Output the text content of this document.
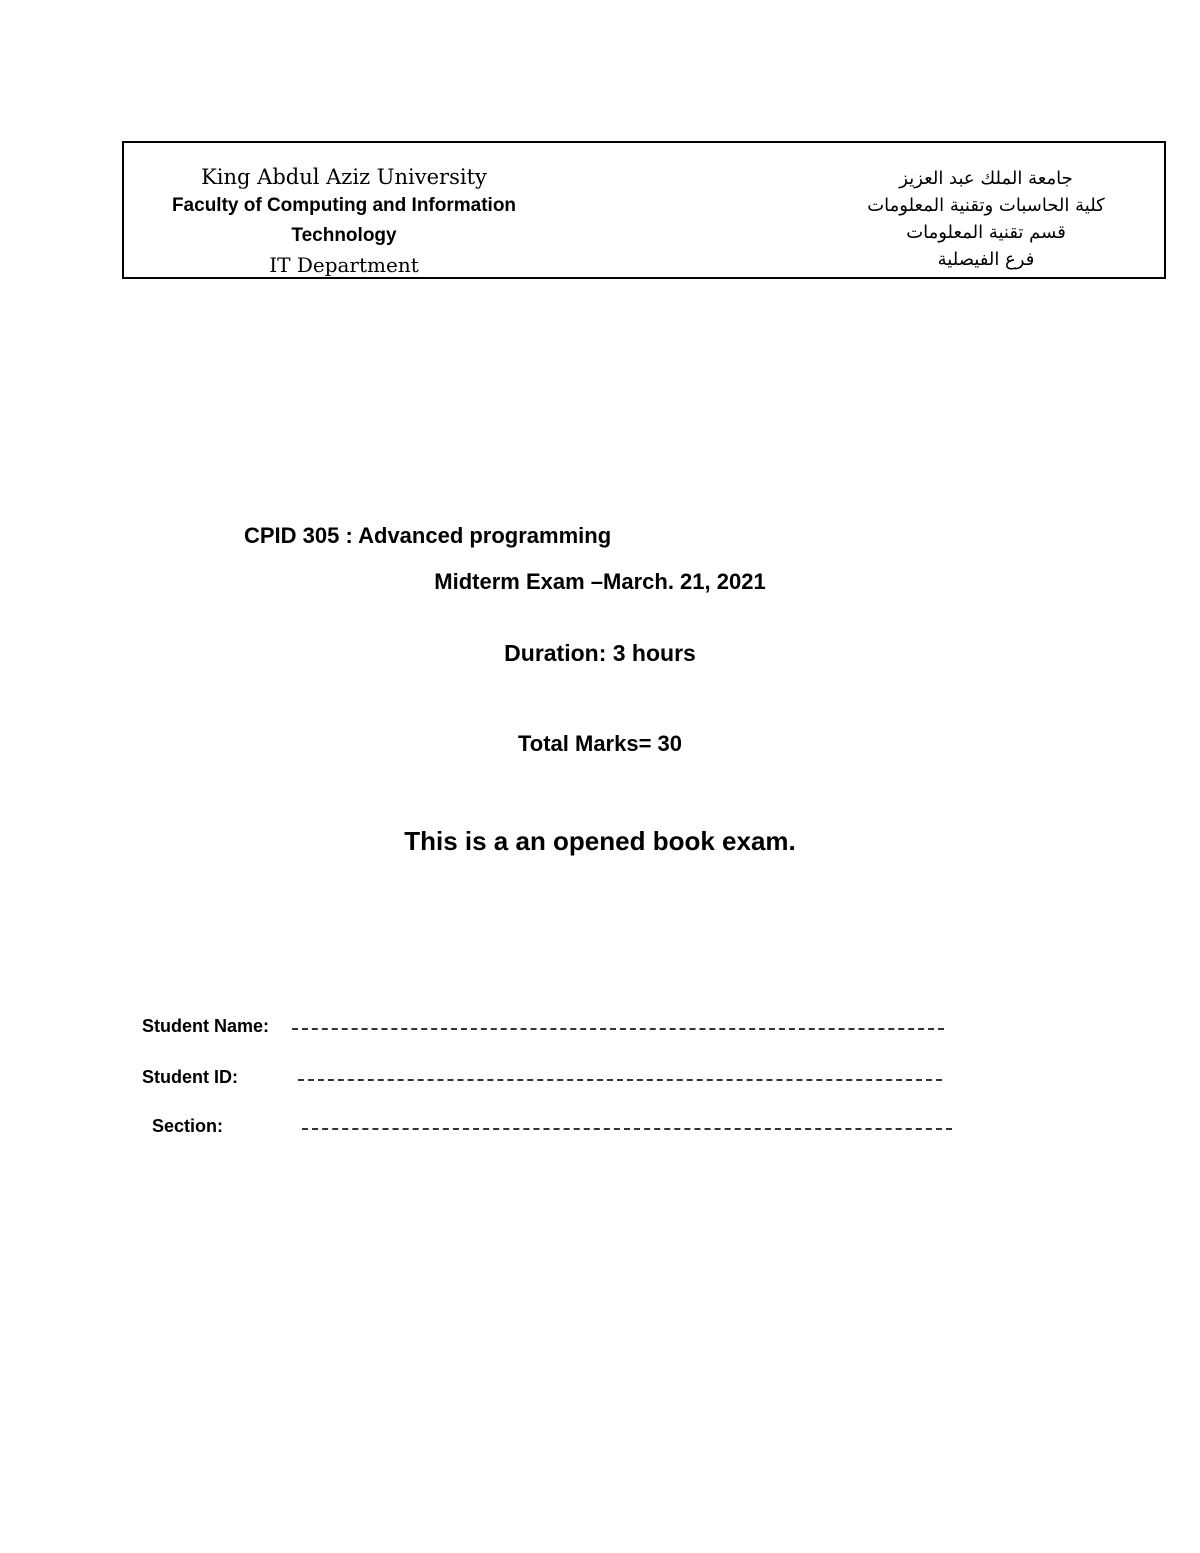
King Abdul Aziz University
Faculty of Computing and Information Technology
IT Department
جامعة الملك عبد العزيز
كلية الحاسبات وتقنية المعلومات
قسم تقنية المعلومات
فرع الفيصلية
CPID 305 : Advanced programming
Midterm Exam –March. 21, 2021
Duration: 3 hours
Total Marks= 30
This is a an opened book exam.
Student Name:
Student ID:
Section:
